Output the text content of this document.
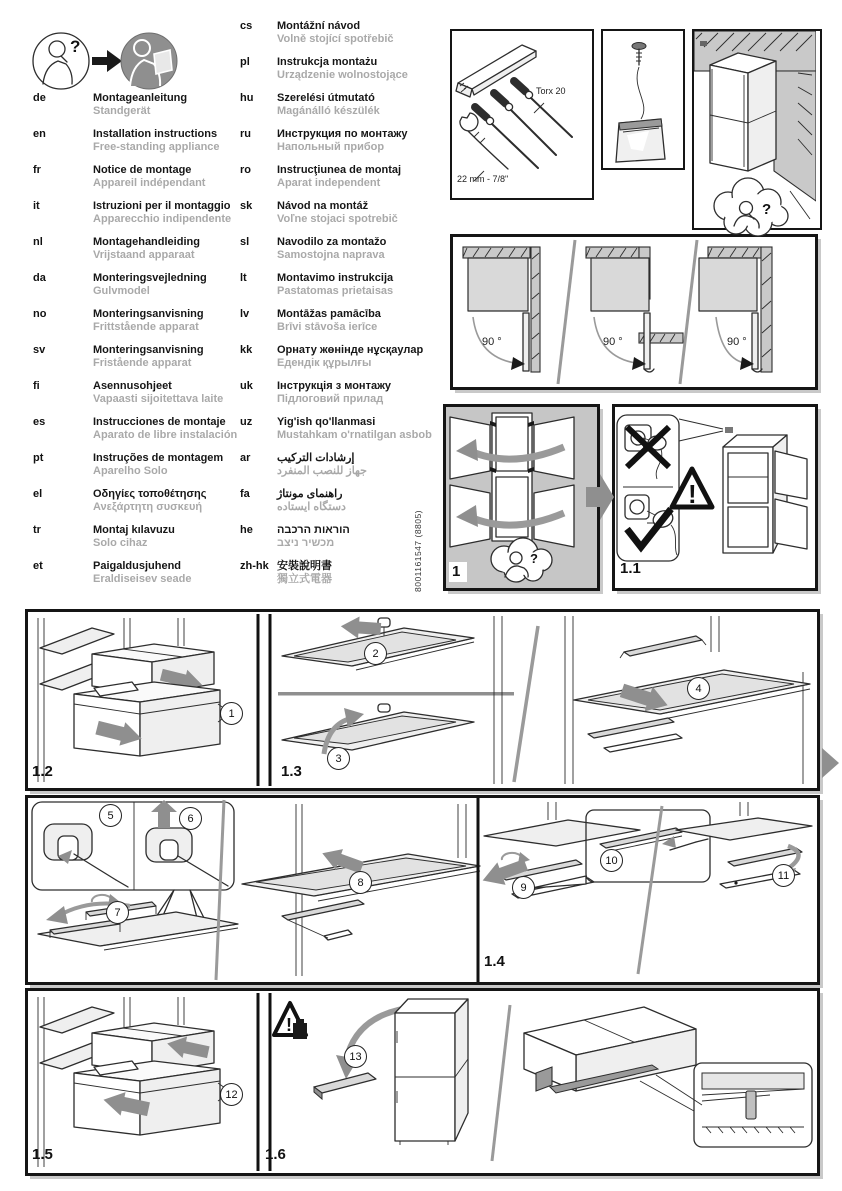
?
de	Montageanleitung
Standgerät
en	Installation instructions
Free-standing appliance
fr	Notice de montage
Appareil indépendant
it	Istruzioni per il montaggio
Apparecchio indipendente
nl	Montagehandleiding
Vrijstaand apparaat
da	Monteringsvejledning
Gulvmodel
no	Monteringsanvisning
Frittstående apparat
sv	Monteringsanvisning
Fristående apparat
fi	Asennusohjeet
Vapaasti sijoitettava laite
es	Instrucciones de montaje
Aparato de libre instalación
pt	Instruções de montagem
Aparelho Solo
el	Οδηγίες τοποθέτησης
Ανεξάρτητη συσκευή
tr	Montaj kılavuzu
Solo cihaz
et	Paigaldusjuhend
Eraldiseisev seade
cs	Montážní návod
Volně stojící spotřebič
pl	Instrukcja montażu
Urządzenie wolnostojące
hu	Szerelési útmutató
Magánálló készülék
ru	Инструкция по монтажу
Напольный прибор
ro	Instrucţiunea de montaj
Aparat independent
sk	Návod na montáž
Voľne stojaci spotrebič
sl	Navodilo za montažo
Samostojna naprava
lt	Montavimo instrukcija
Pastatomas prietaisas
lv	Montāžas pamācība
Brīvi stāvoša ierīce
kk	Орнату жөнінде нұсқаулар
Едендік құрылғы
uk	Інструкція з монтажу
Підлоговий прилад
uz	Yig'ish qo'llanmasi
Mustahkam o'rnatilgan asbob
ar	إرشادات التركيب
جهاز للنصب المنفرد
fa	راهنمای مونتاژ
دستگاه ایستاده
he	הוראות הרכבה
מכשיר ניצב
zh-hk 安裝說明書
獨立式電器	8001161547 (8805)
Torx 20
22 mm - 7/8"
?
90 °	90 °	90 °
?
1
!
1.1
1.2	1.3
1.4
!
1.5	1.6
1
2
3
4
5	6
7
8	9
10
11
12
13
